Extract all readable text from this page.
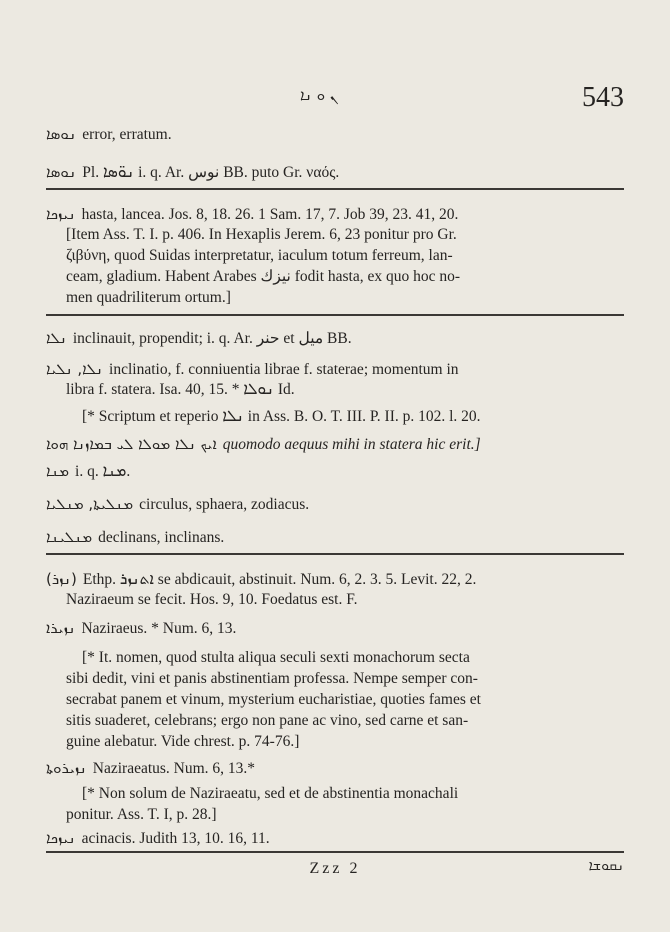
ܢ ܘ ܢܐ	543
ܢܘܣܐ error, erratum.
ܢܘܣܐ Pl. ܢܘ̈ܣܐ i. q. Ar. نوس BB. puto Gr. ναός.
ܢܝܙܟܐ hasta, lancea. Jos. 8, 18. 26. 1 Sam. 17, 7. Job 39, 23. 41, 20.
[Item Ass. T. I. p. 406. In Hexaplis Jerem. 6, 23 ponitur pro Gr.
ζιβύνη, quod Suidas interpretatur, iaculum totum ferreum, lan-
ceam, gladium. Habent Arabes نيزك fodit hasta, ex quo hoc no-
men quadriliterum ortum.]
ܢܠܐ inclinauit, propendit; i. q. Ar. حنر et ميل BB.
ܢܠܐ, ܢܠܝܐ inclinatio, f. conniuentia librae f. staterae; momentum in
libra f. statera. Isa. 40, 15. * ܢܘܠܐ Id.
[* Scriptum et reperio ܢܠܐ in Ass. B. O. T. III. P. II. p. 102. l. 20.
ܐܝܟ ܢܠܐ ܡܘܠܐ ܠܝ ܒܡܐܙܢܐ ܗܘܐ quomodo aequus mihi in statera hic erit.]
ܡܢܐ i. q. ܡܢܐ.
ܡܢܠܝܬܐ, ܡܢܠܝܐ circulus, sphaera, zodiacus.
ܡܢܠܝܢܐ declinans, inclinans.
(ܢܙܪ) Ethp. ܐܬܢܙܪ se abdicauit, abstinuit. Num. 6, 2. 3. 5. Levit. 22, 2.
Naziraeum se fecit. Hos. 9, 10. Foedatus est. F.
ܢܙܝܪܐ Naziraeus. * Num. 6, 13.
[* It. nomen, quod stulta aliqua seculi sexti monachorum secta
sibi dedit, vini et panis abstinentiam professa. Nempe semper con-
secrabat panem et vinum, mysterium eucharistiae, quoties fames et
sitis suaderet, celebrans; ergo non pane ac vino, sed carne et san-
guine alebatur. Vide chrest. p. 74-76.]
ܢܙܝܪܘܬܐ Naziraeatus. Num. 6, 13.*
[* Non solum de Naziraeatu, sed et de abstinentia monachali
ponitur. Ass. T. I, p. 28.]
ܢܝܙܟܐ acinacis. Judith 13, 10. 16, 11.
Zzz 2	ܢܩܘܫܐ
